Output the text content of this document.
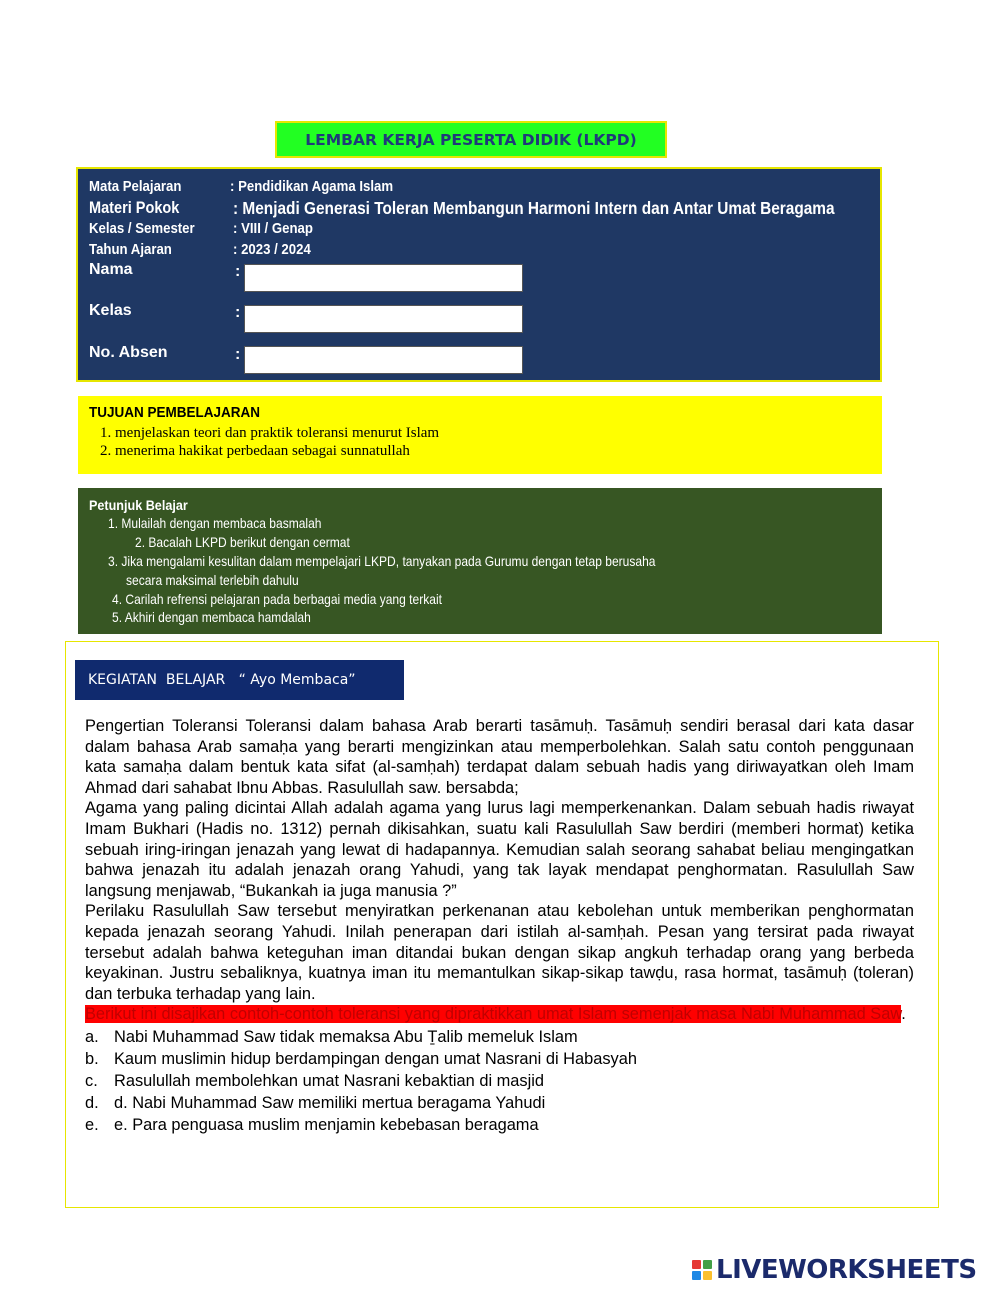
LEMBAR KERJA PESERTA DIDIK (LKPD)
Mata Pelajaran	: Pendidikan Agama Islam
Materi Pokok	: Menjadi Generasi Toleran Membangun Harmoni Intern dan Antar Umat Beragama
Kelas / Semester	: VIII / Genap
Tahun Ajaran	: 2023 / 2024
Nama	:
Kelas	:
No. Absen	:
TUJUAN PEMBELAJARAN
1. menjelaskan teori dan praktik toleransi menurut Islam
2. menerima hakikat perbedaan sebagai sunnatullah
Petunjuk Belajar
1. Mulailah dengan membaca basmalah
2. Bacalah LKPD berikut dengan cermat
3. Jika mengalami kesulitan dalam mempelajari LKPD, tanyakan pada Gurumu dengan tetap berusaha
secara maksimal terlebih dahulu
4. Carilah refrensi pelajaran pada berbagai media yang terkait
5. Akhiri dengan membaca hamdalah
KEGIATAN  BELAJAR   “ Ayo Membaca”

Pengertian Toleransi Toleransi dalam bahasa Arab berarti tasāmuḥ. Tasāmuḥ sendiri berasal dari kata dasar dalam bahasa Arab samaḥa yang berarti mengizinkan atau memperbolehkan. Salah satu contoh penggunaan kata samaḥa dalam bentuk kata sifat (al-samḥah) terdapat dalam sebuah hadis yang diriwayatkan oleh Imam Ahmad dari sahabat Ibnu Abbas. Rasulullah saw. bersabda;

Agama yang paling dicintai Allah adalah agama yang lurus lagi memperkenankan. Dalam sebuah hadis riwayat Imam Bukhari (Hadis no. 1312) pernah dikisahkan, suatu kali Rasulullah Saw berdiri (memberi hormat) ketika sebuah iring-iringan jenazah yang lewat di hadapannya. Kemudian salah seorang sahabat beliau mengingatkan bahwa jenazah itu adalah jenazah orang Yahudi, yang tak layak mendapat penghormatan. Rasulullah Saw langsung menjawab, “Bukankah ia juga manusia ?”

Perilaku Rasulullah Saw tersebut menyiratkan perkenanan atau kebolehan untuk memberikan penghormatan kepada jenazah seorang Yahudi. Inilah penerapan dari istilah al-samḥah. Pesan yang tersirat pada riwayat tersebut adalah bahwa keteguhan iman ditandai bukan dengan sikap angkuh terhadap orang yang berbeda keyakinan. Justru sebaliknya, kuatnya iman itu memantulkan sikap-sikap tawḍu, rasa hormat, tasāmuḥ (toleran) dan terbuka terhadap yang lain.

Berikut ini disajikan contoh-contoh toleransi yang dipraktikkan umat Islam semenjak masa Nabi Muhammad Saw.

a. Nabi Muhammad Saw tidak memaksa Abu Ṯalib memeluk Islam
b. Kaum muslimin hidup berdampingan dengan umat Nasrani di Habasyah
c. Rasulullah membolehkan umat Nasrani kebaktian di masjid
d. d. Nabi Muhammad Saw memiliki mertua beragama Yahudi
e. e. Para penguasa muslim menjamin kebebasan beragama
LIVEWORKSHEETS
